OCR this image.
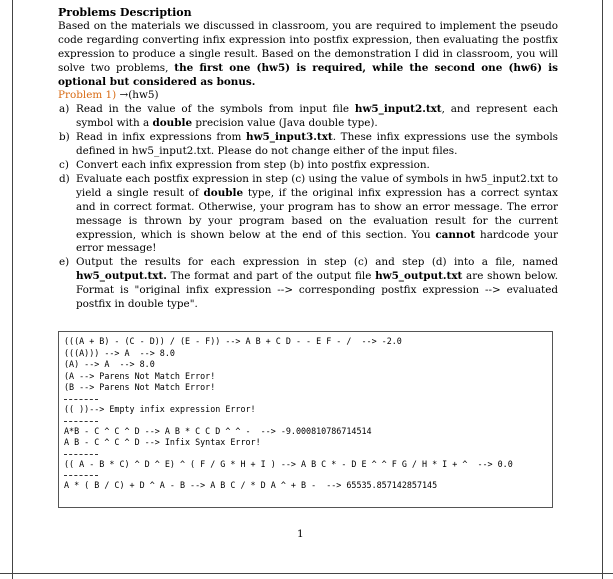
Problems Description
Based on the materials we discussed in classroom, you are required to implement the pseudo code regarding converting infix expression into postfix expression, then evaluating the postfix expression to produce a single result. Based on the demonstration I did in classroom, you will solve two problems, the first one (hw5) is required, while the second one (hw6) is optional but considered as bonus.
Problem 1) →(hw5)
a) Read in the value of the symbols from input file hw5_input2.txt, and represent each symbol with a double precision value (Java double type).
b) Read in infix expressions from hw5_input3.txt. These infix expressions use the symbols defined in hw5_input2.txt. Please do not change either of the input files.
c) Convert each infix expression from step (b) into postfix expression.
d) Evaluate each postfix expression in step (c) using the value of symbols in hw5_input2.txt to yield a single result of double type, if the original infix expression has a correct syntax and in correct format. Otherwise, your program has to show an error message. The error message is thrown by your program based on the evaluation result for the current expression, which is shown below at the end of this section. You cannot hardcode your error message!
e) Output the results for each expression in step (c) and step (d) into a file, named hw5_output.txt. The format and part of the output file hw5_output.txt are shown below. Format is "original infix expression --> corresponding postfix expression --> evaluated postfix in double type".
(((A + B) - (C - D)) / (E - F)) --> A B + C D - - E F - /  --> -2.0
(((A))) --> A  --> 8.0
(A) --> A  --> 8.0
(A --> Parens Not Match Error!
(B --> Parens Not Match Error!
(( ))--> Empty infix expression Error!
A*B - C ^ C ^ D --> A B * C C D ^ ^ -  --> -9.000810786714514
A B - C ^ C ^ D --> Infix Syntax Error!
(( A - B * C) ^ D ^ E) ^ ( F / G * H + I ) --> A B C * - D E ^ ^ F G / H * I + ^  --> 0.0
A * ( B / C) + D ^ A - B --> A B C / * D A ^ + B -  --> 65535.857142857145
1
